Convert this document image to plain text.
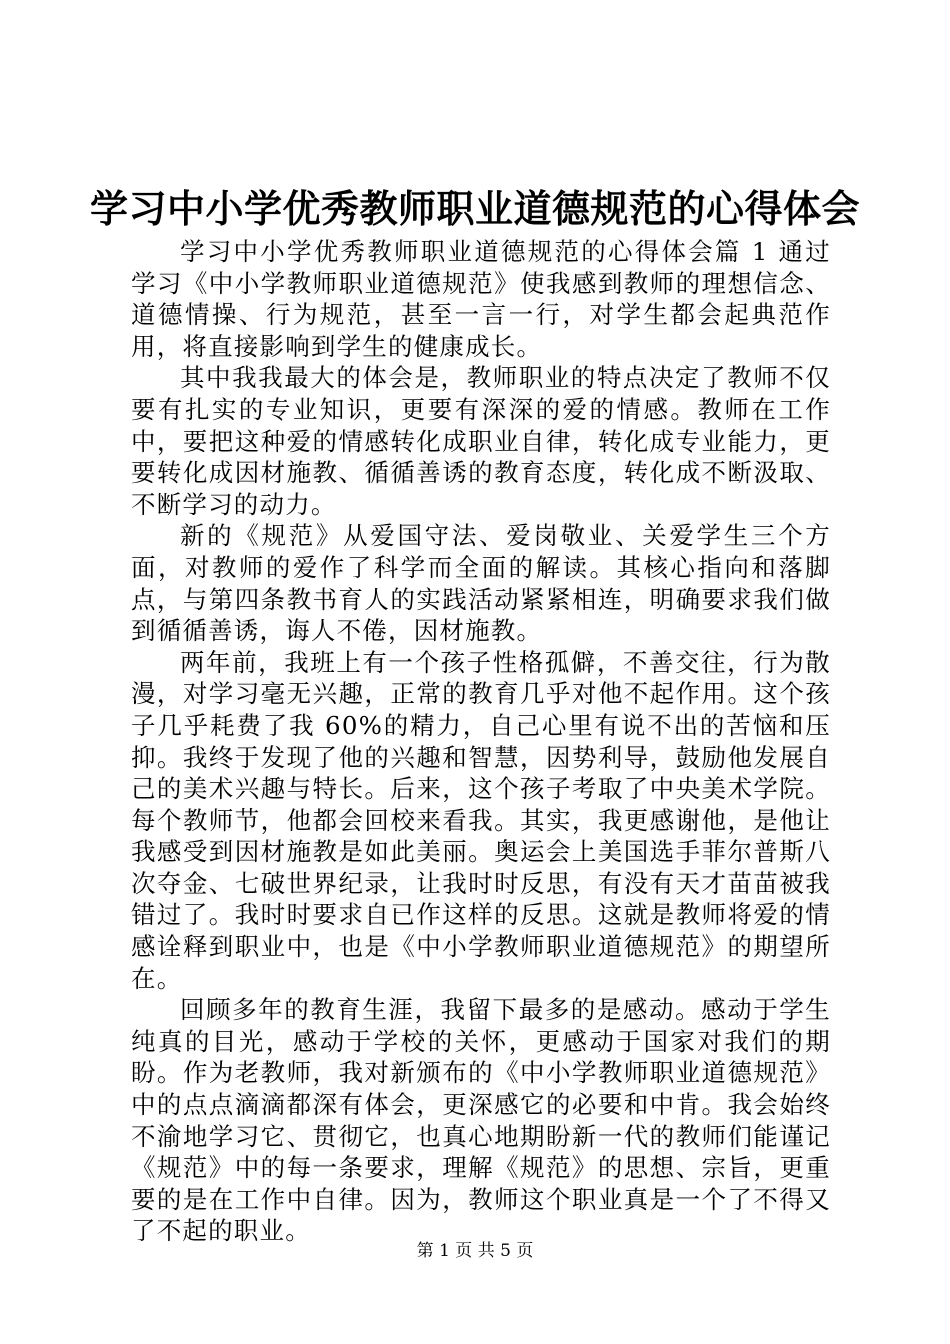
学习中小学优秀教师职业道德规范的心得体会

学习中小学优秀教师职业道德规范的心得体会篇 1 通过学习《中小学教师职业道德规范》使我感到教师的理想信念、道德情操、行为规范，甚至一言一行，对学生都会起典范作用，将直接影响到学生的健康成长。

其中我我最大的体会是，教师职业的特点决定了教师不仅要有扎实的专业知识，更要有深深的爱的情感。教师在工作中，要把这种爱的情感转化成职业自律，转化成专业能力，更要转化成因材施教、循循善诱的教育态度，转化成不断汲取、不断学习的动力。

新的《规范》从爱国守法、爱岗敬业、关爱学生三个方面，对教师的爱作了科学而全面的解读。其核心指向和落脚点，与第四条教书育人的实践活动紧紧相连，明确要求我们做到循循善诱，诲人不倦，因材施教。

两年前，我班上有一个孩子性格孤僻，不善交往，行为散漫，对学习毫无兴趣，正常的教育几乎对他不起作用。这个孩子几乎耗费了我 60%的精力，自己心里有说不出的苦恼和压抑。我终于发现了他的兴趣和智慧，因势利导，鼓励他发展自己的美术兴趣与特长。后来，这个孩子考取了中央美术学院。每个教师节，他都会回校来看我。其实，我更感谢他，是他让我感受到因材施教是如此美丽。奥运会上美国选手菲尔普斯八次夺金、七破世界纪录，让我时时反思，有没有天才苗苗被我错过了。我时时要求自已作这样的反思。这就是教师将爱的情感诠释到职业中，也是《中小学教师职业道德规范》的期望所在。

回顾多年的教育生涯，我留下最多的是感动。感动于学生纯真的目光，感动于学校的关怀，更感动于国家对我们的期盼。作为老教师，我对新颁布的《中小学教师职业道德规范》中的点点滴滴都深有体会，更深感它的必要和中肯。我会始终不渝地学习它、贯彻它，也真心地期盼新一代的教师们能谨记《规范》中的每一条要求，理解《规范》的思想、宗旨，更重要的是在工作中自律。因为，教师这个职业真是一个了不得又了不起的职业。

第 1 页 共 5 页
